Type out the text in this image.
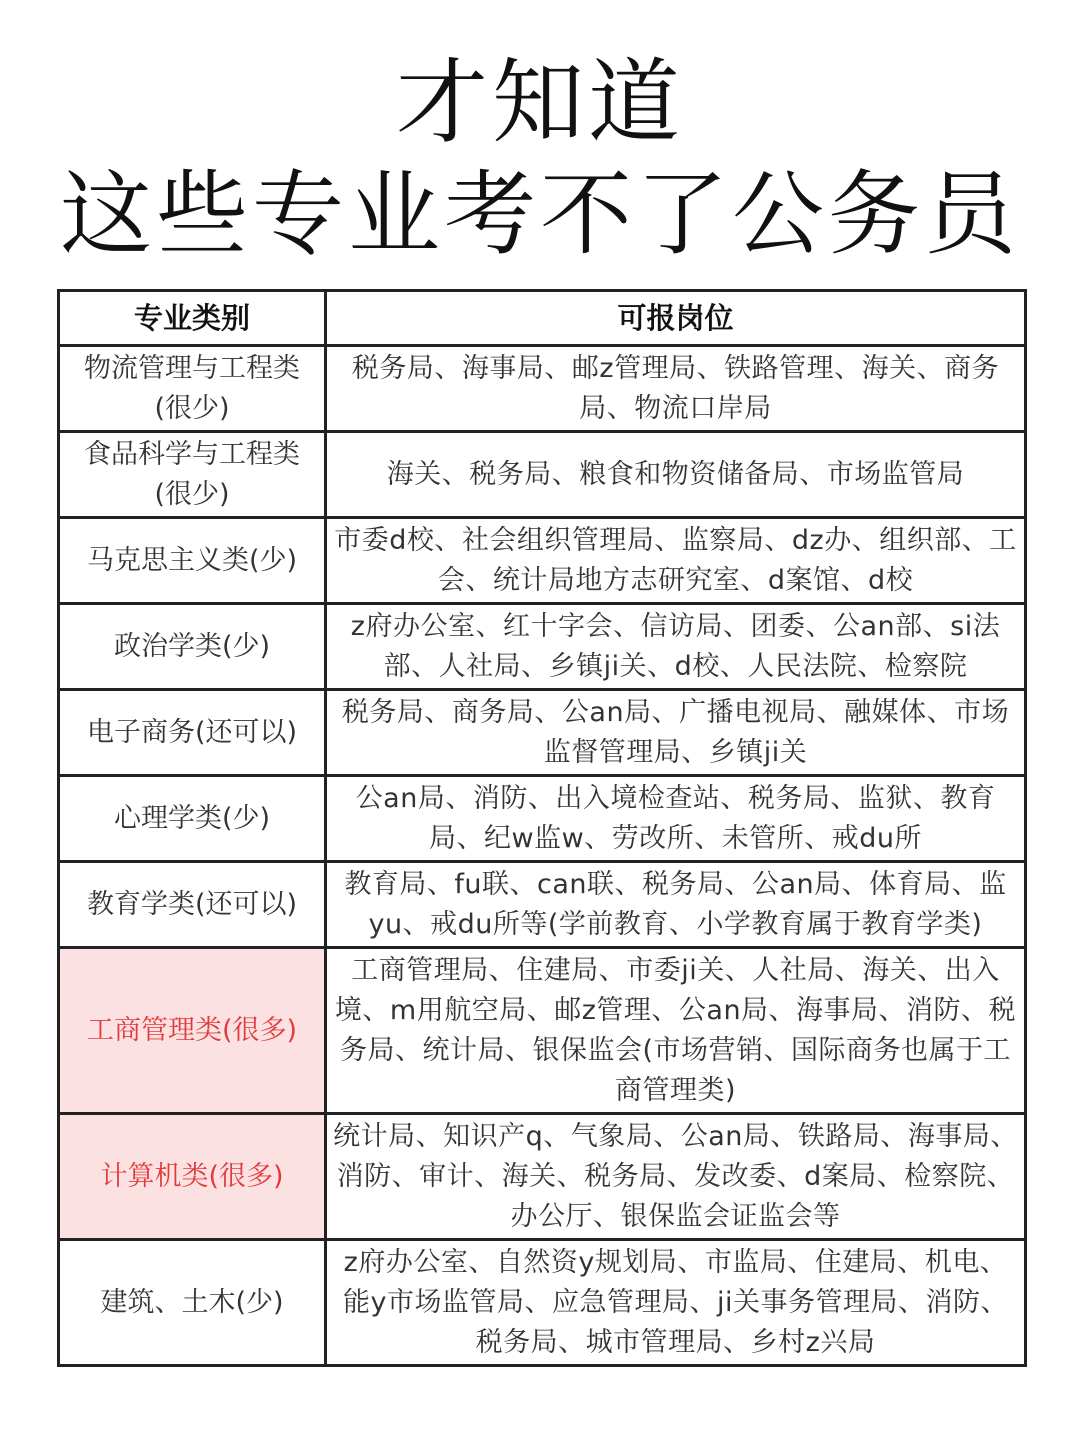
才知道
这些专业考不了公务员
专业类别	可报岗位
物流管理与工程类(很少)	税务局、海事局、邮z管理局、铁路管理、海关、商务局、物流口岸局
食品科学与工程类(很少)	海关、税务局、粮食和物资储备局、市场监管局
马克思主义类(少)	市委d校、社会组织管理局、监察局、dz办、组织部、工会、统计局地方志研究室、d案馆、d校
政治学类(少)	z府办公室、红十字会、信访局、团委、公an部、si法部、人社局、乡镇ji关、d校、人民法院、检察院
电子商务(还可以)	税务局、商务局、公an局、广播电视局、融媒体、市场监督管理局、乡镇ji关
心理学类(少)	公an局、消防、出入境检查站、税务局、监狱、教育局、纪w监w、劳改所、未管所、戒du所
教育学类(还可以)	教育局、fu联、can联、税务局、公an局、体育局、监yu、戒du所等(学前教育、小学教育属于教育学类)
工商管理类(很多)	工商管理局、住建局、市委ji关、人社局、海关、出入境、m用航空局、邮z管理、公an局、海事局、消防、税务局、统计局、银保监会(市场营销、国际商务也属于工商管理类)
计算机类(很多)	统计局、知识产q、气象局、公an局、铁路局、海事局、消防、审计、海关、税务局、发改委、d案局、检察院、办公厅、银保监会证监会等
建筑、土木(少)	z府办公室、自然资y规划局、市监局、住建局、机电、能y市场监管局、应急管理局、ji关事务管理局、消防、税务局、城市管理局、乡村z兴局
